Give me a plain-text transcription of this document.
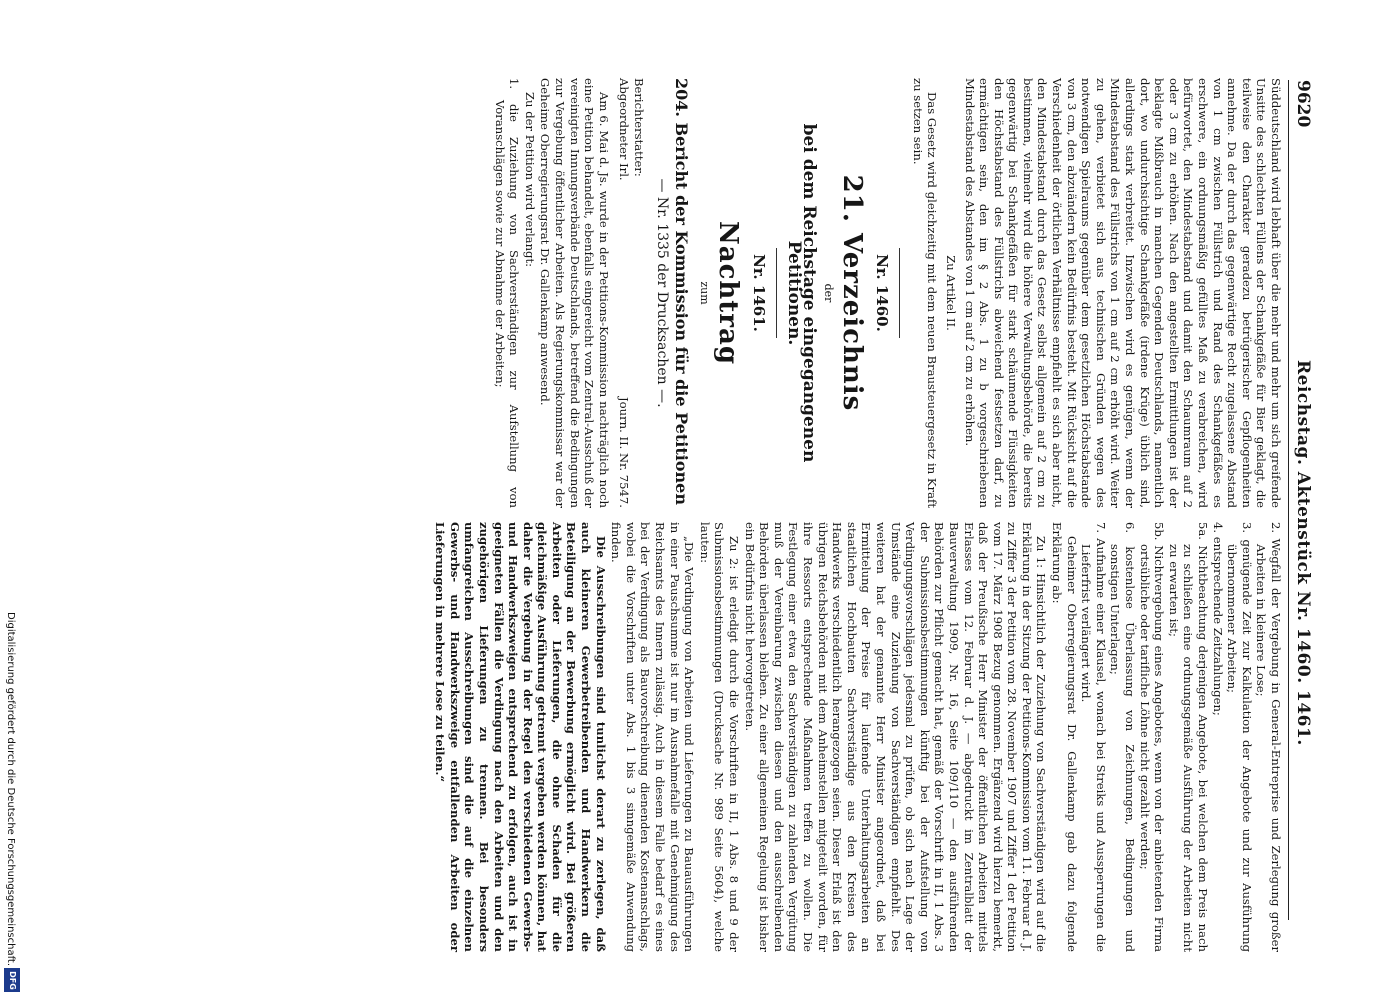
Digitalisierung gefördert durch die Deutsche Forschungsgemeinschaft.
DFG
9620
Reichstag. Aktenstück Nr. 1460. 1461.

Süddeutschland wird lebhaft über die mehr und mehr um sich greifende Unsitte des schlechten Füllens der Schankgefäße für Bier geklagt, die teilweise den Charakter geradezu betrügerischer Gepflogenheiten annehme. Da der durch das gegenwärtige Recht zugelassene Abstand von 1 cm zwischen Füllstrich und Rand des Schankgefäßes es erschwere, ein ordnungsmäßig gefülltes Maß zu verabreichen, wird befürwortet, den Mindestabstand und damit den Schaumraum auf 2 oder 3 cm zu erhöhen. Nach den angestellten Ermittlungen ist der beklagte Mißbrauch in manchen Gegenden Deutschlands, namentlich dort, wo undurchsichtige Schankgefäße (irdene Krüge) üblich sind, allerdings stark verbreitet. Inzwischen wird es genügen, wenn der Mindestabstand des Füllstrichs von 1 cm auf 2 cm erhöht wird. Weiter zu gehen, verbietet sich aus technischen Gründen wegen des notwendigen Spielraums gegenüber dem gesetzlichen Höchstabstande von 3 cm, den abzuändern kein Bedürfnis besteht. Mit Rücksicht auf die Verschiedenheit der örtlichen Verhältnisse empfiehlt es sich aber nicht, den Mindestabstand durch das Gesetz selbst allgemein auf 2 cm zu bestimmen, vielmehr wird die höhere Verwaltungsbehörde, die bereits gegenwärtig bei Schankgefäßen für stark schäumende Flüssigkeiten den Höchstabstand des Füllstrichs abweichend festsetzen darf, zu ermächtigen sein, den im § 2 Abs. 1 zu b vorgeschriebenen Mindestabstand des Abstandes von 1 cm auf 2 cm zu erhöhen.

Zu Artikel II.

Das Gesetz wird gleichzeitig mit dem neuen Brausteuergesetz in Kraft zu setzen sein.

Nr. 1460.
21. Verzeichnis
der
bei dem Reichstage eingegangenen Petitionen.
Nr. 1461.
Nachtrag
zum
204. Bericht der Kommission für die Petitionen
— Nr. 1335 der Drucksachen —.
Berichterstatter:
Abgeordneter Irl.
Journ. II. Nr. 7547.

Am 6. Mai d. Js. wurde in der Petitions-Kommission nachträglich noch eine Petition behandelt, ebenfalls eingereicht vom Zentral-Ausschuß der vereinigten Innungsverbände Deutschlands, betreffend die Bedingungen zur Vergebung öffentlicher Arbeiten. Als Regierungskommissar war der Geheime Oberregierungsrat Dr. Gallenkamp anwesend.

Zu der Petition wird verlangt:

1. die Zuziehung von Sachverständigen zur Aufstellung von Voranschlägen sowie zur Abnahme der Arbeiten;

2. Wegfall der Vergebung in General-Entreprise und Zerlegung großer Arbeiten in kleinere Lose;

3. genügende Zeit zur Kalkulation der Angebote und zur Ausführung übernommener Arbeiten;

4. entsprechende Zeitzahlungen;

5a. Nichtbeachtung derjenigen Angebote, bei welchen dem Preis nach zu schließen eine ordnungsgemäße Ausführung der Arbeiten nicht zu erwarten ist;

5b. Nichtvergebung eines Angebotes, wenn von der anbietenden Firma ortsübliche oder tarifliche Löhne nicht gezahlt werden;

6. kostenlose Überlassung von Zeichnungen, Bedingungen und sonstigen Unterlagen;

7. Aufnahme einer Klausel, wonach bei Streiks und Aussperrungen die Lieferfrist verlängert wird.

Geheimer Oberregierungsrat Dr. Gallenkamp gab dazu folgende Erklärung ab:

Zu 1: Hinsichtlich der Zuziehung von Sachverständigen wird auf die Erklärung in der Sitzung der Petitions-Kommission vom 11. Februar d. J. zu Ziffer 3 der Petition vom 28. November 1907 und Ziffer 1 der Petition vom 17. März 1908 Bezug genommen. Ergänzend wird hierzu bemerkt, daß der Preußische Herr Minister der öffentlichen Arbeiten mittels Erlasses vom 12. Februar d. J. — abgedruckt im Zentralblatt der Bauverwaltung 1909, Nr. 16, Seite 109/110 — den ausführenden Behörden zur Pflicht gemacht hat, gemäß der Vorschrift in II, 1 Abs. 3 der Submissionsbestimmungen künftig bei der Aufstellung von Verdingungsvorschlägen jedesmal zu prüfen, ob sich nach Lage der Umstände eine Zuziehung von Sachverständigen empfiehlt. Des weiteren hat der genannte Herr Minister angeordnet, daß bei Ermittelung der Preise für laufende Unterhaltungsarbeiten an staatlichen Hochbauten Sachverständige aus den Kreisen des Handwerks verschiedentlich herangezogen seien. Dieser Erlaß ist den übrigen Reichsbehörden mit dem Anheimstellen mitgeteilt worden, für ihre Ressorts entsprechende Maßnahmen treffen zu wollen. Die Festlegung einer etwa den Sachverständigen zu zahlenden Vergütung muß der Vereinbarung zwischen diesen und den ausschreibenden Behörden überlassen bleiben. Zu einer allgemeinen Regelung ist bisher ein Bedürfnis nicht hervorgetreten.

Zu 2: ist erledigt durch die Vorschriften in II, 1 Abs. 8 und 9 der Submissionsbestimmungen (Drucksache Nr. 989 Seite 5604), welche lauten:

„Die Verdingung von Arbeiten und Lieferungen zu Bauausführungen in einer Pauschsumme ist nur im Ausnahmefalle mit Genehmigung des Reichsamts des Innern zulässig. Auch in diesem Falle bedarf es eines bei der Verdingung als Bauvorschreibung dienenden Kostenanschlags, wobei die Vorschriften unter Abs. 1 bis 3 sinngemäße Anwendung finden.

Die Ausschreibungen sind tunlichst derart zu zerlegen, daß auch kleineren Gewerbetreibenden und Handwerkern die Beteiligung an der Bewerbung ermöglicht wird. Bei größeren Arbeiten oder Lieferungen, die ohne Schaden für die gleichmäßige Ausführung getrennt vergeben werden können, hat daher die Vergebung in der Regel den verschiedenen Gewerbs- und Handwerkszweigen entsprechend zu erfolgen, auch ist in geeigneten Fällen die Verdingung nach den Arbeiten und den zugehörigen Lieferungen zu trennen. Bei besonders umfangreichen Ausschreibungen sind die auf die einzelnen Gewerbs- und Handwerkszweige entfallenden Arbeiten oder Lieferungen in mehrere Lose zu teilen.“
